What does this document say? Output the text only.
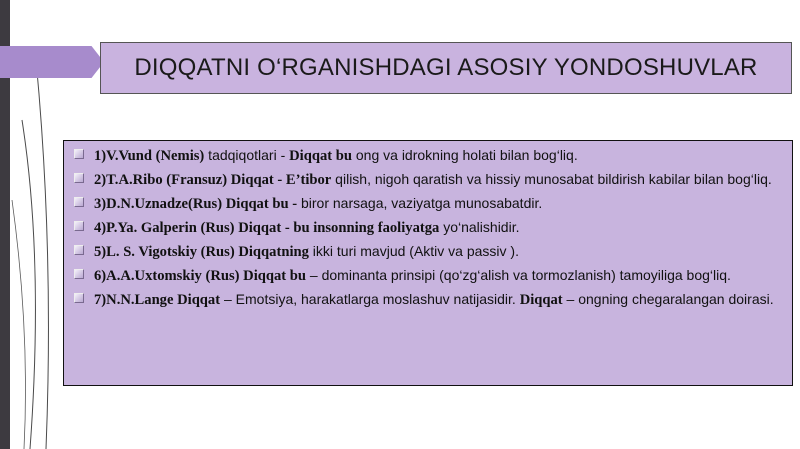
DIQQATNI O‘RGANISHDAGI ASOSIY YONDOSHUVLAR
1)V.Vund (Nemis) tadqiqotlari - Diqqat bu ong va idrokning holati bilan bog‘liq.
2)T.A.Ribo (Fransuz) Diqqat - E’tibor qilish, nigoh qaratish va hissiy munosabat bildirish kabilar bilan bog‘liq.
3)D.N.Uznadze(Rus) Diqqat bu - biror narsaga, vaziyatga munosabatdir.
4)P.Ya. Galperin (Rus) Diqqat - bu insonning faoliyatga yo‘nalishidir.
5)L. S. Vigotskiy (Rus) Diqqatning ikki turi mavjud (Aktiv va passiv ).
6)A.A.Uxtomskiy (Rus) Diqqat bu – dominanta prinsipi (qo‘zg‘alish va tormozlanish) tamoyiliga bog‘liq.
7)N.N.Lange Diqqat – Emotsiya, harakatlarga moslashuv natijasidir. Diqqat – ongning chegaralangan doirasi.
